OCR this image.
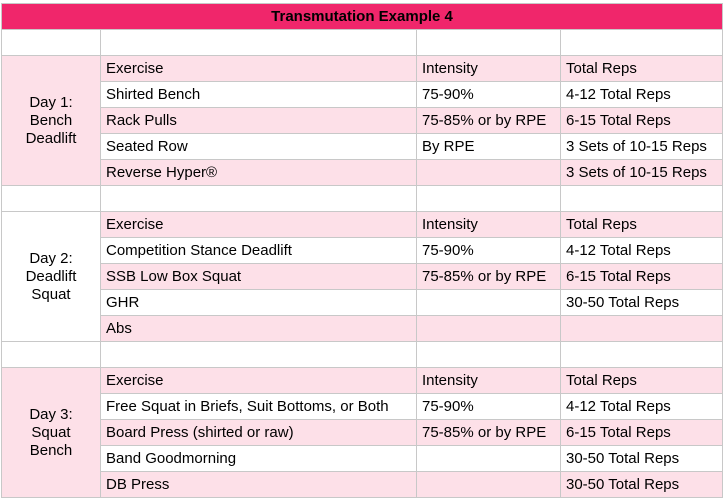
Transmutation Example 4			

Day 1:
Bench
Deadlift	Exercise	Intensity	Total Reps
	Shirted Bench	75-90%	4-12 Total Reps
	Rack Pulls	75-85% or by RPE	6-15 Total Reps
	Seated Row	By RPE	3 Sets of 10-15 Reps
	Reverse Hyper®		3 Sets of 10-15 Reps

Day 2:
Deadlift
Squat	Exercise	Intensity	Total Reps
	Competition Stance Deadlift	75-90%	4-12 Total Reps
	SSB Low Box Squat	75-85% or by RPE	6-15 Total Reps
	GHR		30-50 Total Reps
	Abs		

Day 3:
Squat
Bench	Exercise	Intensity	Total Reps
	Free Squat in Briefs, Suit Bottoms, or Both	75-90%	4-12 Total Reps
	Board Press (shirted or raw)	75-85% or by RPE	6-15 Total Reps
	Band Goodmorning		30-50 Total Reps
	DB Press		30-50 Total Reps
